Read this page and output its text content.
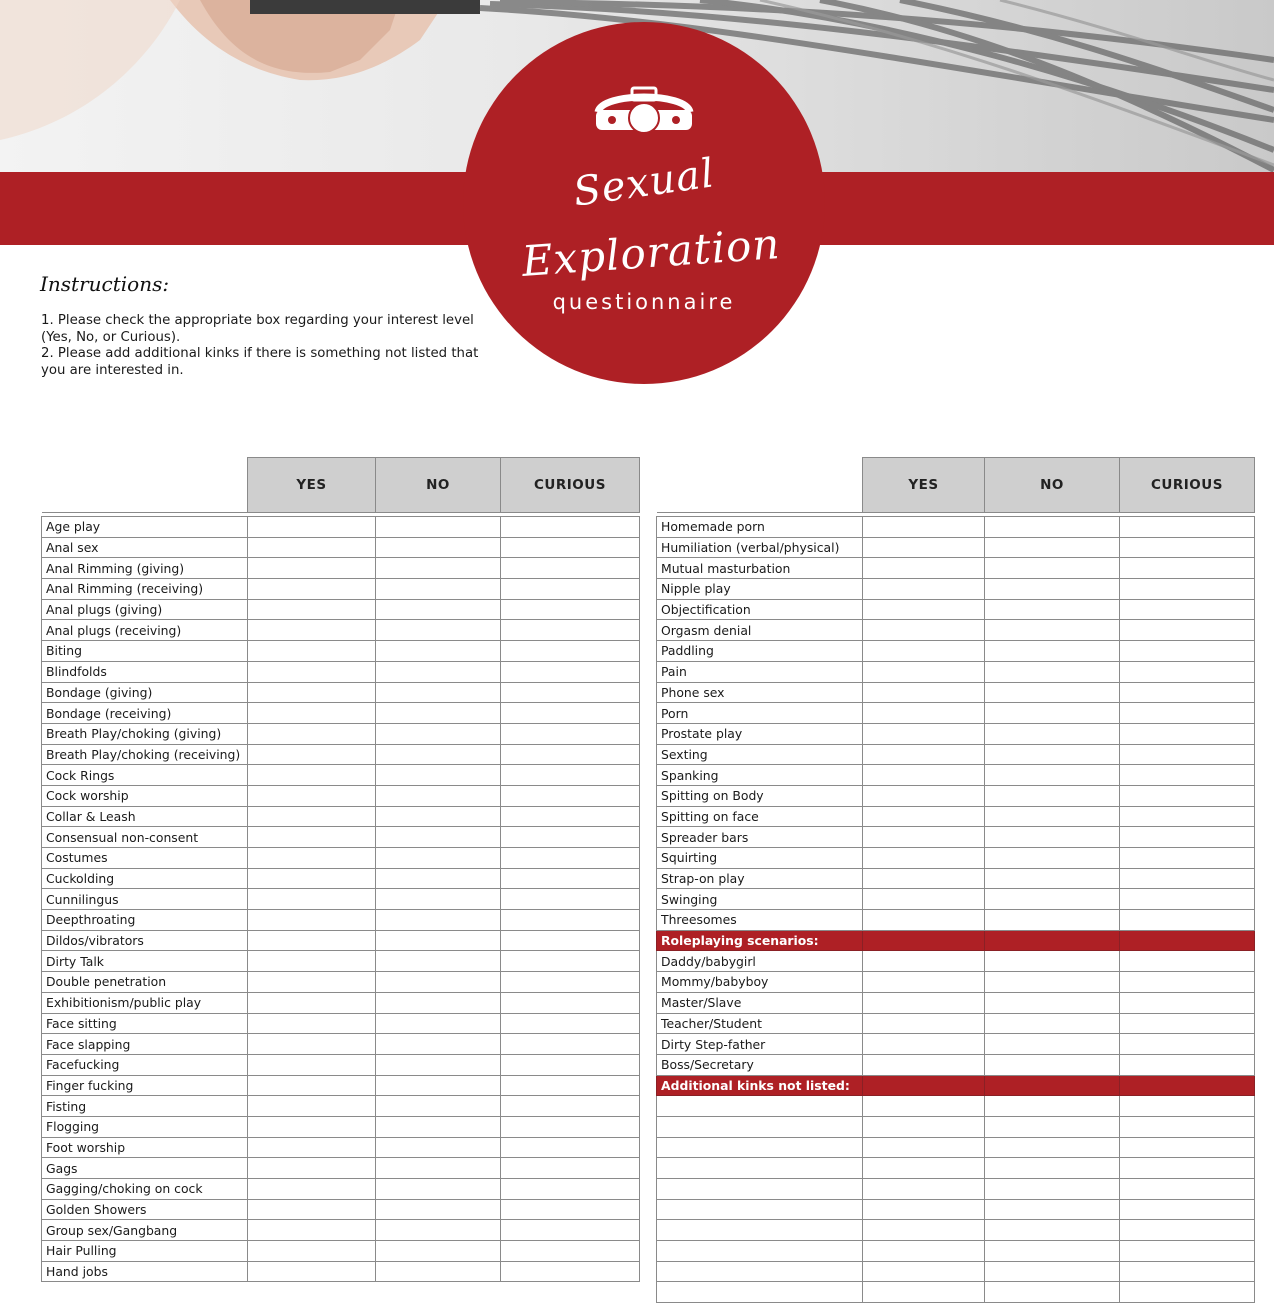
Sexual
Exploration
questionnaire
Instructions:
1. Please check the appropriate box regarding your interest level (Yes, No, or Curious).
2. Please add additional kinks if there is something not listed that you are interested in.
	YES	NO	CURIOUS

Age play			
Anal sex			
Anal Rimming (giving)			
Anal Rimming (receiving)			
Anal plugs (giving)			
Anal plugs (receiving)			
Biting			
Blindfolds			
Bondage (giving)			
Bondage (receiving)			
Breath Play/choking (giving)			
Breath Play/choking (receiving)			
Cock Rings			
Cock worship			
Collar & Leash			
Consensual non-consent			
Costumes			
Cuckolding			
Cunnilingus			
Deepthroating			
Dildos/vibrators			
Dirty Talk			
Double penetration			
Exhibitionism/public play			
Face sitting			
Face slapping			
Facefucking			
Finger fucking			
Fisting			
Flogging			
Foot worship			
Gags			
Gagging/choking on cock			
Golden Showers			
Group sex/Gangbang			
Hair Pulling			
Hand jobs			
	YES	NO	CURIOUS

Homemade porn			
Humiliation (verbal/physical)			
Mutual masturbation			
Nipple play			
Objectification			
Orgasm denial			
Paddling			
Pain			
Phone sex			
Porn			
Prostate play			
Sexting			
Spanking			
Spitting on Body			
Spitting on face			
Spreader bars			
Squirting			
Strap-on play			
Swinging			
Threesomes			
Roleplaying scenarios:			
Daddy/babygirl			
Mommy/babyboy			
Master/Slave			
Teacher/Student			
Dirty Step-father			
Boss/Secretary			
Additional kinks not listed:			
